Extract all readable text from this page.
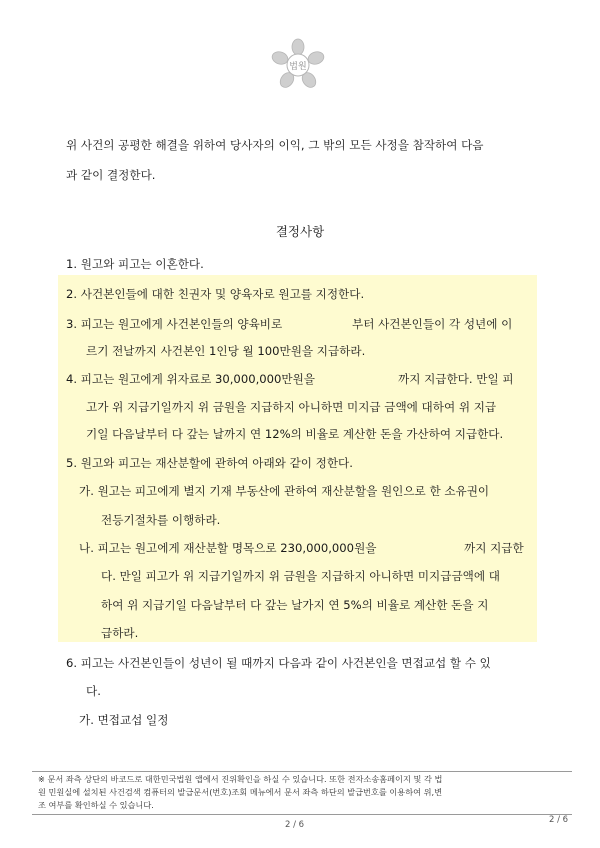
법원
위 사건의 공평한 해결을 위하여 당사자의 이익, 그 밖의 모든 사정을 참작하여 다음
과 같이 결정한다.
결정사항
1. 원고와 피고는 이혼한다.
2. 사건본인들에 대한 친권자 및 양육자로 원고를 지정한다.
3. 피고는 원고에게 사건본인들의 양육비로	부터 사건본인들이 각 성년에 이
르기 전날까지 사건본인 1인당 월 100만원을 지급하라.
4. 피고는 원고에게 위자료로 30,000,000만원을	까지 지급한다. 만일 피
고가 위 지급기일까지 위 금원을 지급하지 아니하면 미지급 금액에 대하여 위 지급
기일 다음날부터 다 갚는 날까지 연 12%의 비율로 계산한 돈을 가산하여 지급한다.
5. 원고와 피고는 재산분할에 관하여 아래와 같이 정한다.
가. 원고는 피고에게 별지 기재 부동산에 관하여 재산분할을 원인으로 한 소유권이
전등기절차를 이행하라.
나. 피고는 원고에게 재산분할 명목으로 230,000,000원을	까지 지급한
다. 만일 피고가 위 지급기일까지 위 금원을 지급하지 아니하면 미지급금액에 대
하여 위 지급기일 다음날부터 다 갚는 날가지 연 5%의 비율로 계산한 돈을 지
급하라.
6. 피고는 사건본인들이 성년이 될 때까지 다음과 같이 사건본인을 면접교섭 할 수 있
다.
가. 면접교섭 일정
※ 문서 좌측 상단의 바코드로 대한민국법원 앱에서 진위확인을 하실 수 있습니다. 또한 전자소송홈페이지 및 각 법
원 민원실에 설치된 사건검색 컴퓨터의 발급문서(번호)조회 메뉴에서 문서 좌측 하단의 발급번호를 이용하여 위,변
조 여부를 확인하실 수 있습니다.
2 / 6	2 / 6
